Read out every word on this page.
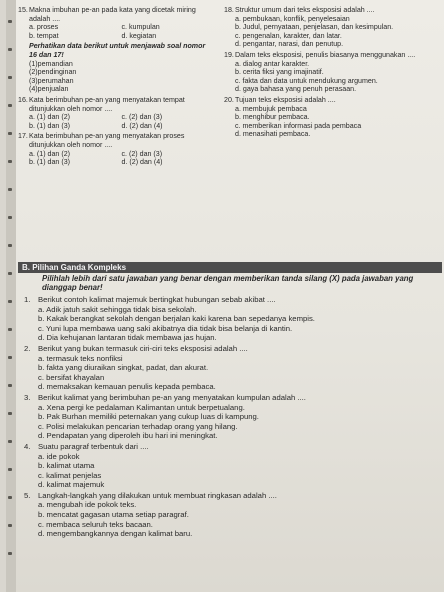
15. Makna imbuhan pe-an pada kata yang dicetak miring adalah ....
a. proses	c. kumpulan
b. tempat	d. kegiatan
Perhatikan data berikut untuk menjawab soal nomor 16 dan 17!
(1)pemandian
(2)pendinginan
(3)perumahan
(4)penjualan
16. Kata berimbuhan pe-an yang menyatakan tempat ditunjukkan oleh nomor ....
a. (1) dan (2)	c. (2) dan (3)
b. (1) dan (3)	d. (2) dan (4)
17. Kata berimbuhan pe-an yang menyatakan proses ditunjukkan oleh nomor ....
a. (1) dan (2)	c. (2) dan (3)
b. (1) dan (3)	d. (2) dan (4)
18. Struktur umum dari teks eksposisi adalah ....
a. pembukaan, konflik, penyelesaian
b. Judul, pernyataan, penjelasan, dan kesimpulan.
c. pengenalan, karakter, dan latar.
d. pengantar, narasi, dan penutup.
19. Dalam teks eksposisi, penulis biasanya menggunakan ....
a. dialog antar karakter.
b. cerita fiksi yang imajinatif.
c. fakta dan data untuk mendukung argumen.
d. gaya bahasa yang penuh perasaan.
20. Tujuan teks eksposisi adalah ....
a. membujuk pembaca
b. menghibur pembaca.
c. memberikan informasi pada pembaca
d. menasihati pembaca.
B. Pilihan Ganda Kompleks
Pilihlah lebih dari satu jawaban yang benar dengan memberikan tanda silang (X) pada jawaban yang dianggap benar!
1. Berikut contoh kalimat majemuk bertingkat hubungan sebab akibat ....
a. Adik jatuh sakit sehingga tidak bisa sekolah.
b. Kakak berangkat sekolah dengan berjalan kaki karena ban sepedanya kempis.
c. Yuni lupa membawa uang saki akibatnya dia tidak bisa belanja di kantin.
d. Dia kehujanan lantaran tidak membawa jas hujan.
2. Berikut yang bukan termasuk ciri-ciri teks eksposisi adalah ....
a. termasuk teks nonfiksi
b. fakta yang diuraikan singkat, padat, dan akurat.
c. bersifat khayalan
d. memaksakan kemauan penulis kepada pembaca.
3. Berikut kalimat yang berimbuhan pe-an yang menyatakan kumpulan adalah ....
a. Xena pergi ke pedalaman Kalimantan untuk berpetualang.
b. Pak Burhan memiliki peternakan yang cukup luas di kampung.
c. Polisi melakukan pencarian terhadap orang yang hilang.
d. Pendapatan yang diperoleh ibu hari ini meningkat.
4. Suatu paragraf terbentuk dari ....
a. ide pokok
b. kalimat utama
c. kalimat penjelas
d. kalimat majemuk
5. Langkah-langkah yang dilakukan untuk membuat ringkasan adalah ....
a. mengubah ide pokok teks.
b. mencatat gagasan utama setiap paragraf.
c. membaca seluruh teks bacaan.
d. mengembangkannya dengan kalimat baru.
